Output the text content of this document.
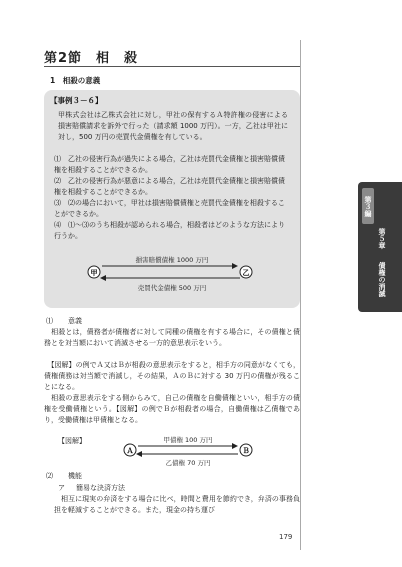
第2節　相　殺
1　相殺の意義
【事例３－６】
甲株式会社は乙株式会社に対し，甲社の保有するＡ特許権の侵害による損害賠償請求を訴外で行った（請求額 1000 万円）。一方，乙社は甲社に対し，500 万円の売買代金債権を有している。
⑴ 乙社の侵害行為が過失による場合，乙社は売買代金債権と損害賠償債権を相殺することができるか。
⑵ 乙社の侵害行為が悪意による場合，乙社は売買代金債権と損害賠償債権を相殺することができるか。
⑶ ⑵の場合において，甲社は損害賠償債権と売買代金債権を相殺することができるか。
⑷ ⑴～⑶のうち相殺が認められる場合，相殺者はどのような方法により行うか。
損害賠償債権 1000 万円
甲	乙
売買代金債権 500 万円
⑴ 意義
　相殺とは，債務者が債権者に対して同種の債権を有する場合に，その債権と債務とを対当額において消滅させる一方的意思表示をいう。
　【図解】の例でＡ又はＢが相殺の意思表示をすると，相手方の同意がなくても，債権債務は対当額で消滅し，その結果，ＡのＢに対する 30 万円の債権が残ることになる。
　相殺の意思表示をする側からみて，自己の債権を自働債権といい，相手方の債権を受働債権という。【図解】の例でＢが相殺者の場合，自働債権は乙債権であり，受働債権は甲債権となる。
【図解】	甲債権 100 万円
Ａ	Ｂ
乙債権 70 万円
⑵ 機能
ア 簡易な決済方法
　相互に現実の弁済をする場合に比べ，時間と費用を節約でき，弁済の事務負担を軽減することができる。また，現金の持ち運び
第３編
第５章
債権の消滅
179
